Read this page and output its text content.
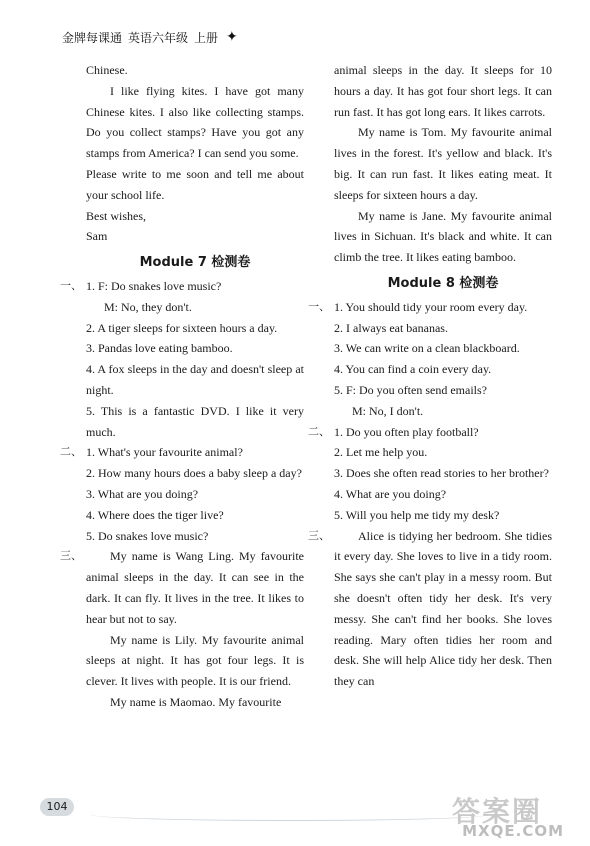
金牌每课通 英语六年级 上册 ✦

Chinese.

I like flying kites. I have got many Chinese kites. I also like collecting stamps. Do you collect stamps? Have you got any stamps from America? I can send you some.

Please write to me soon and tell me about your school life.

Best wishes,

Sam

Module 7 检测卷
一、 1. F: Do snakes love music?
M: No, they don't.
2. A tiger sleeps for sixteen hours a day.
3. Pandas love eating bamboo.
4. A fox sleeps in the day and doesn't sleep at night.
5. This is a fantastic DVD. I like it very much.
二、 1. What's your favourite animal?
2. How many hours does a baby sleep a day?
3. What are you doing?
4. Where does the tiger live?
5. Do snakes love music?
三、 My name is Wang Ling. My favourite animal sleeps in the day. It can see in the dark. It can fly. It lives in the tree. It likes to hear but not to say.
My name is Lily. My favourite animal sleeps at night. It has got four legs. It is clever. It lives with people. It is our friend.
My name is Maomao. My favourite

animal sleeps in the day. It sleeps for 10 hours a day. It has got four short legs. It can run fast. It has got long ears. It likes carrots.

My name is Tom. My favourite animal lives in the forest. It's yellow and black. It's big. It can run fast. It likes eating meat. It sleeps for sixteen hours a day.

My name is Jane. My favourite animal lives in Sichuan. It's black and white. It can climb the tree. It likes eating bamboo.

Module 8 检测卷
一、 1. You should tidy your room every day.
2. I always eat bananas.
3. We can write on a clean blackboard.
4. You can find a coin every day.
5. F: Do you often send emails?
M: No, I don't.
二、 1. Do you often play football?
2. Let me help you.
3. Does she often read stories to her brother?
4. What are you doing?
5. Will you help me tidy my desk?
三、 Alice is tidying her bedroom. She tidies it every day. She loves to live in a tidy room. She says she can't play in a messy room. But she doesn't often tidy her desk. It's very messy. She can't find her books. She loves reading. Mary often tidies her room and desk. She will help Alice tidy her desk. Then they can
104	答案圈
MXQE.COM
